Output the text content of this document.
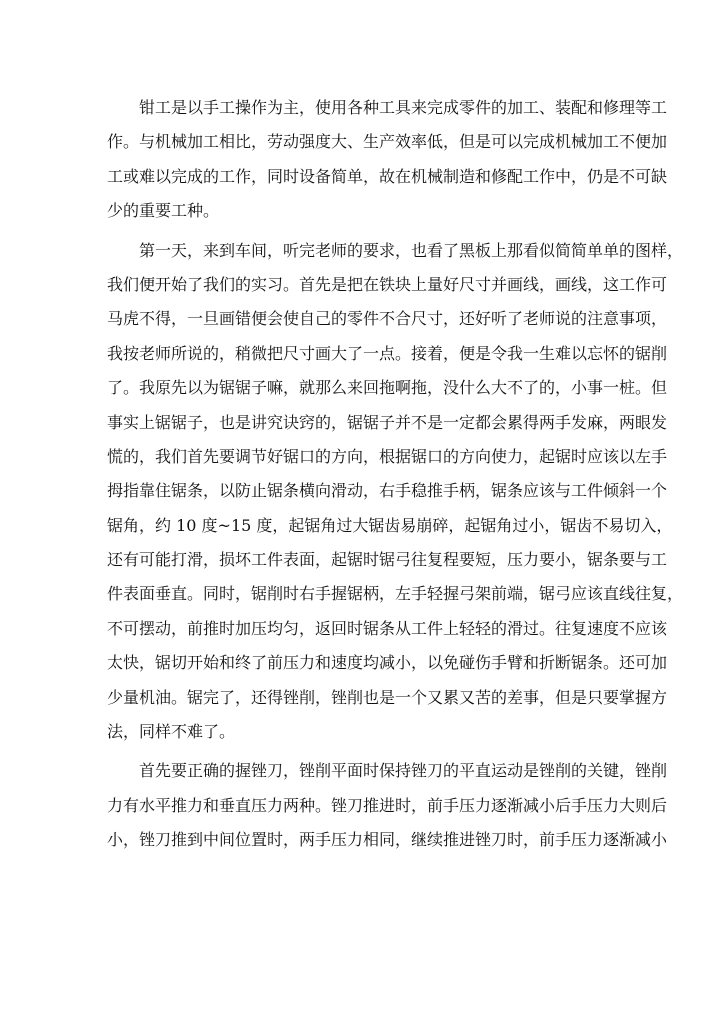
钳工是以手工操作为主，使用各种工具来完成零件的加工、装配和修理等工
作。与机械加工相比，劳动强度大、生产效率低，但是可以完成机械加工不便加
工或难以完成的工作，同时设备简单，故在机械制造和修配工作中，仍是不可缺
少的重要工种。
第一天，来到车间，听完老师的要求，也看了黑板上那看似简简单单的图样，
我们便开始了我们的实习。首先是把在铁块上量好尺寸并画线，画线，这工作可
马虎不得，一旦画错便会使自己的零件不合尺寸，还好听了老师说的注意事项，
我按老师所说的，稍微把尺寸画大了一点。接着，便是令我一生难以忘怀的锯削
了。我原先以为锯锯子嘛，就那么来回拖啊拖，没什么大不了的，小事一桩。但
事实上锯锯子，也是讲究诀窍的，锯锯子并不是一定都会累得两手发麻，两眼发
慌的，我们首先要调节好锯口的方向，根据锯口的方向使力，起锯时应该以左手
拇指靠住锯条，以防止锯条横向滑动，右手稳推手柄，锯条应该与工件倾斜一个
锯角，约 10 度~15 度，起锯角过大锯齿易崩碎，起锯角过小，锯齿不易切入，
还有可能打滑，损坏工件表面，起锯时锯弓往复程要短，压力要小，锯条要与工
件表面垂直。同时，锯削时右手握锯柄，左手轻握弓架前端，锯弓应该直线往复，
不可摆动，前推时加压均匀，返回时锯条从工件上轻轻的滑过。往复速度不应该
太快，锯切开始和终了前压力和速度均减小，以免碰伤手臂和折断锯条。还可加
少量机油。锯完了，还得锉削，锉削也是一个又累又苦的差事，但是只要掌握方
法，同样不难了。
首先要正确的握锉刀，锉削平面时保持锉刀的平直运动是锉削的关键，锉削
力有水平推力和垂直压力两种。锉刀推进时，前手压力逐渐减小后手压力大则后
小，锉刀推到中间位置时，两手压力相同，继续推进锉刀时，前手压力逐渐减小
